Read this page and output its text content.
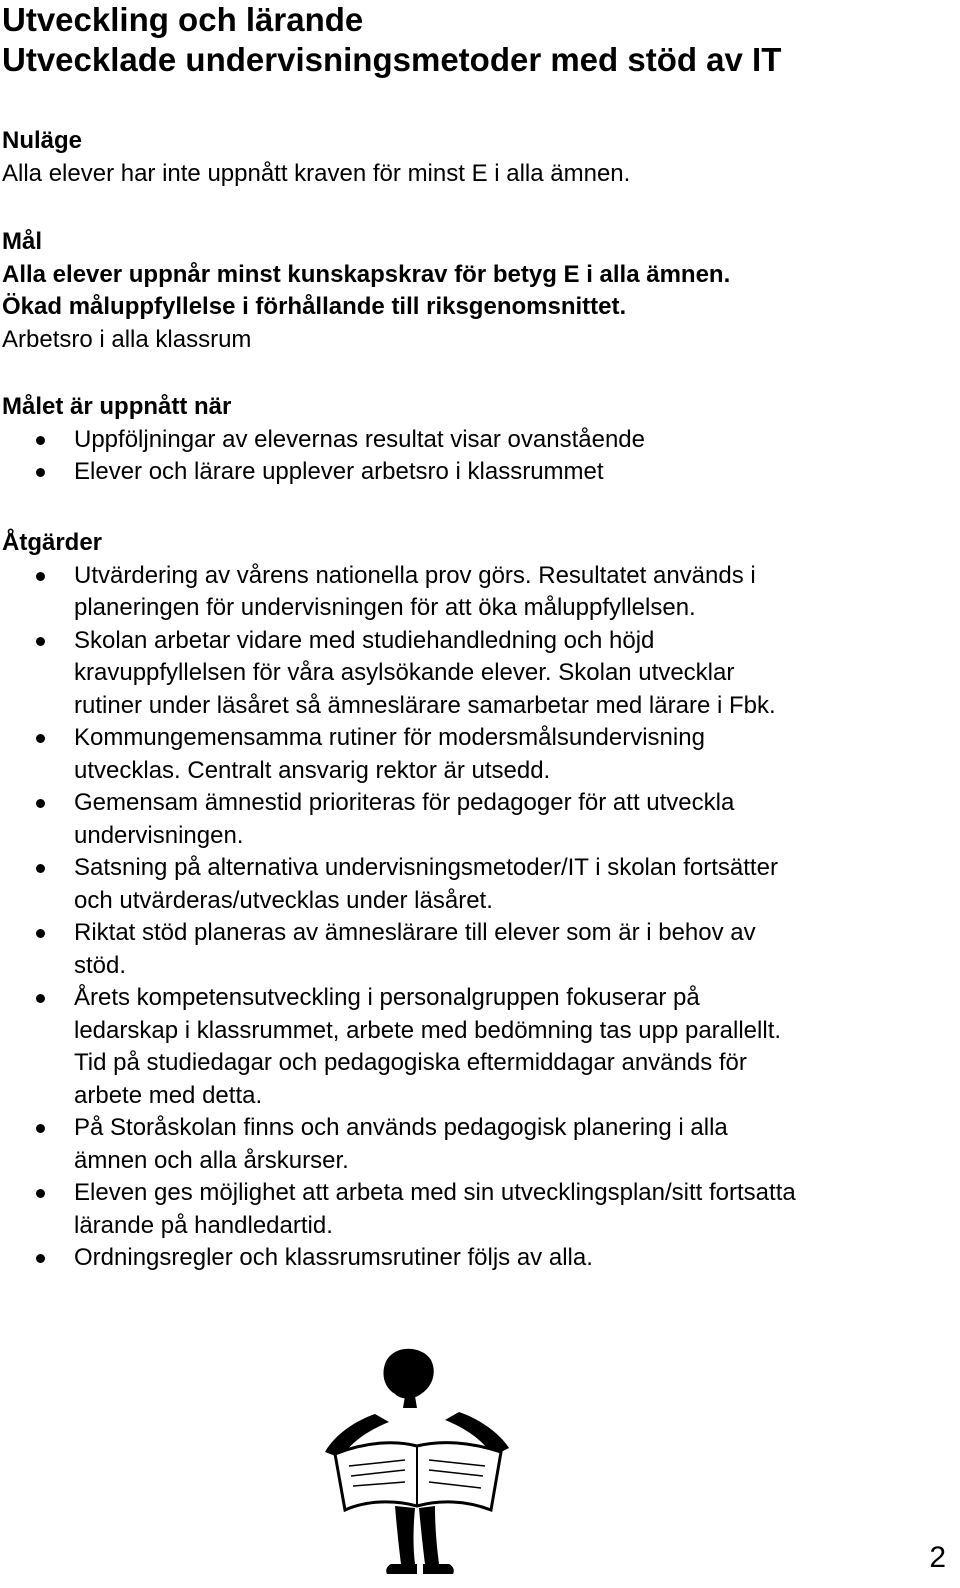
Utveckling och lärande
Utvecklade undervisningsmetoder med stöd av IT
Nuläge
Alla elever har inte uppnått kraven för minst E i alla ämnen.
Mål
Alla elever uppnår minst kunskapskrav för betyg E i alla ämnen.
Ökad måluppfyllelse i förhållande till riksgenomsnittet.
Arbetsro i alla klassrum
Målet är uppnått när
Uppföljningar av elevernas resultat visar ovanstående
Elever och lärare upplever arbetsro i klassrummet
Åtgärder
Utvärdering av vårens nationella prov görs. Resultatet används i
planeringen för undervisningen för att öka måluppfyllelsen.
Skolan arbetar vidare med studiehandledning och höjd
kravuppfyllelsen för våra asylsökande elever. Skolan utvecklar
rutiner under läsåret så ämneslärare samarbetar med lärare i Fbk.
Kommungemensamma rutiner för modersmålsundervisning
utvecklas. Centralt ansvarig rektor är utsedd.
Gemensam ämnestid prioriteras för pedagoger för att utveckla
undervisningen.
Satsning på alternativa undervisningsmetoder/IT i skolan fortsätter
och utvärderas/utvecklas under läsåret.
Riktat stöd planeras av ämneslärare till elever som är i behov av
stöd.
Årets kompetensutveckling i personalgruppen fokuserar på
ledarskap i klassrummet, arbete med bedömning tas upp parallellt.
Tid på studiedagar och pedagogiska eftermiddagar används för
arbete med detta.
På Storåskolan finns och används pedagogisk planering i alla
ämnen och alla årskurser.
Eleven ges möjlighet att arbeta med sin utvecklingsplan/sitt fortsatta
lärande på handledartid.
Ordningsregler och klassrumsrutiner följs av alla.
2
